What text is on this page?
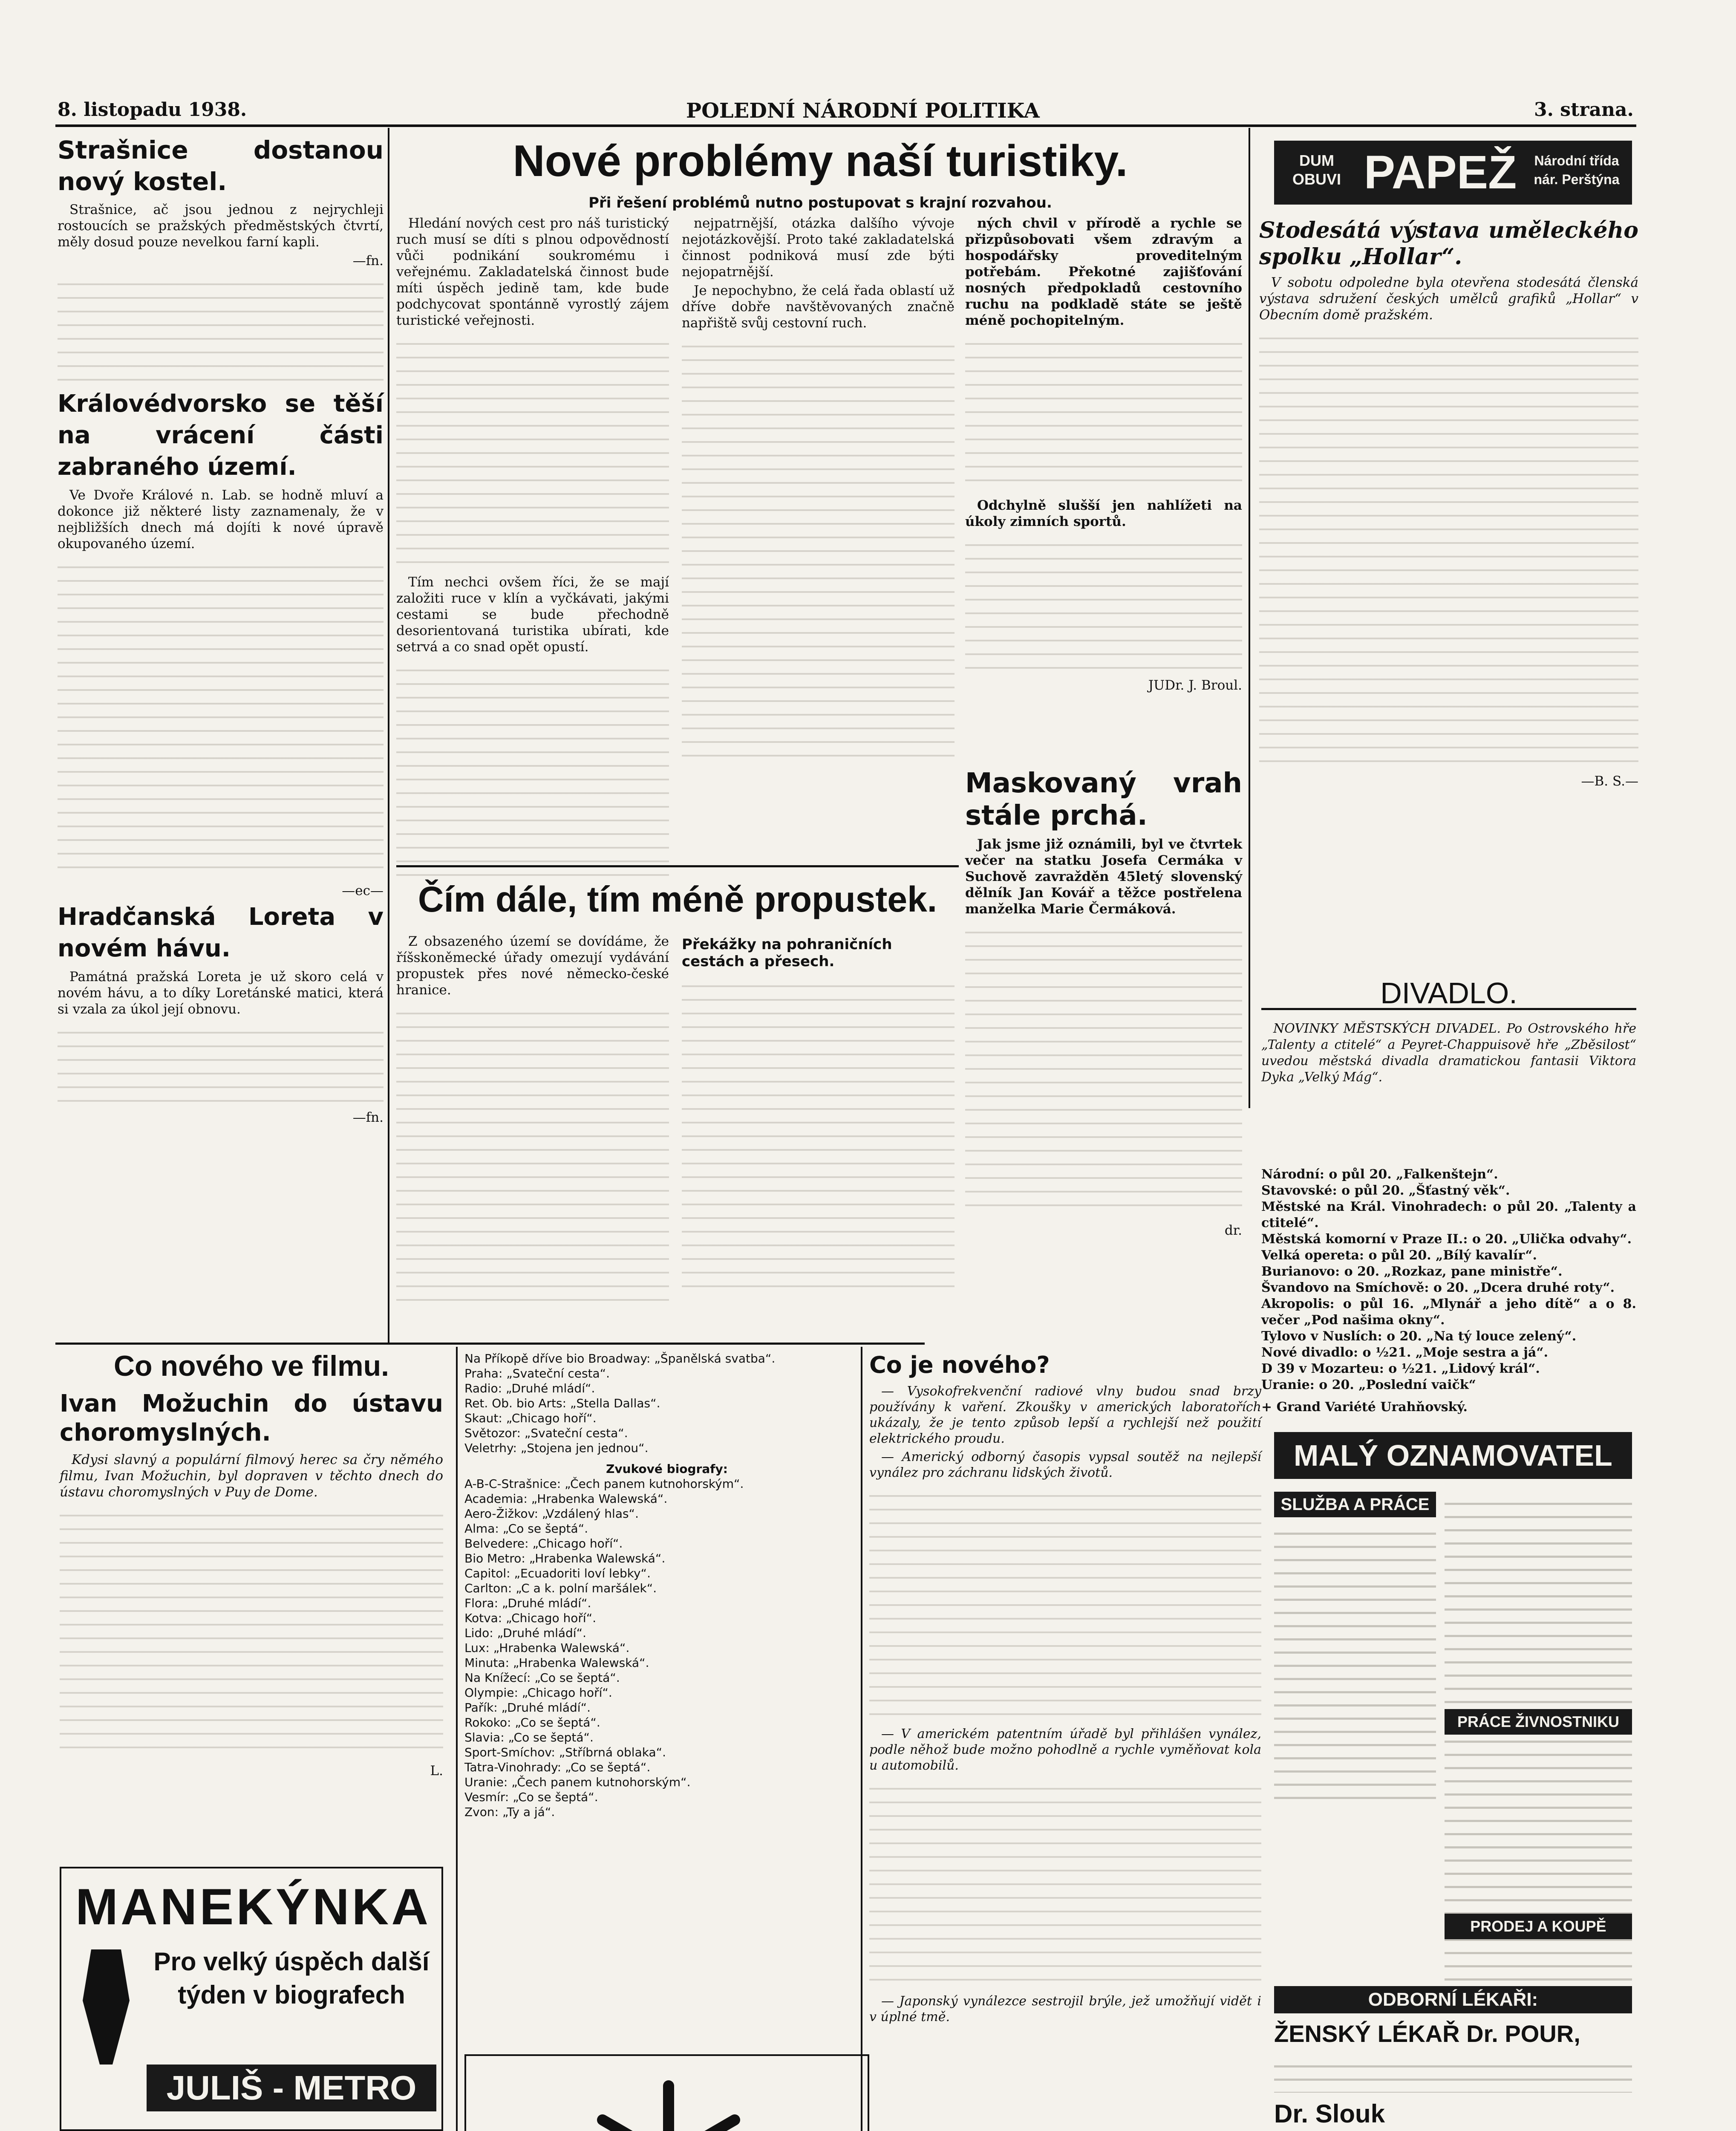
8. listopadu 1938.	POLEDNÍ NÁRODNÍ POLITIKA	3. strana.
Strašnice dostanou nový kostel.

Strašnice, ač jsou jednou z nejrychleji rostoucích se pražských předměstských čtvrtí, měly dosud pouze nevelkou farní kapli.

—fn.

Královédvorsko se těší na vrácení části zabraného území.

Ve Dvoře Králové n. Lab. se hodně mluví a dokonce již některé listy zaznamenaly, že v nejbližších dnech má dojíti k nové úpravě okupovaného území.

—ec—

Hradčanská Loreta v novém hávu.

Památná pražská Loreta je už skoro celá v novém hávu, a to díky Loretánské matici, která si vzala za úkol její obnovu.

—fn.

Nové problémy naší turistiky.
Při řešení problémů nutno postupovat s krajní rozvahou.

Hledání nových cest pro náš turistický ruch musí se díti s plnou odpovědností vůči podnikání soukromému i veřejnému. Zakladatelská činnost bude míti úspěch jedině tam, kde bude podchycovat spontánně vyrostlý zájem turistické veřejnosti.

Tím nechci ovšem říci, že se mají založiti ruce v klín a vyčkávati, jakými cestami se bude přechodně desorientovaná turistika ubírati, kde setrvá a co snad opět opustí.

nejpatrnější, otázka dalšího vývoje nejotázkovější. Proto také zakladatelská činnost podniková musí zde býti nejopatrnější.

Je nepochybno, že celá řada oblastí už dříve dobře navštěvovaných značně napřiště svůj cestovní ruch.

ných chvil v přírodě a rychle se přizpůsobovati všem zdravým a hospodářsky proveditelným potřebám. Překotné zajišťování nosných předpokladů cestovního ruchu na podkladě státe se ještě méně pochopitelným.

Odchylně slušší jen nahlížeti na úkoly zimních sportů.

JUDr. J. Broul.

Maskovaný vrah stále prchá.

Jak jsme již oznámili, byl ve čtvrtek večer na statku Josefa Cermáka v Suchově zavražděn 45letý slovenský dělník Jan Kovář a těžce postřelena manželka Marie Čermáková.

dr.

Čím dále, tím méně propustek.

Z obsazeného území se dovídáme, že říšskoněmecké úřady omezují vydávání propustek přes nové německo-české hranice.

Překážky na pohraničních cestách a přesech.
DUM OBUVI PAPEŽ	Národní třída nár. Perštýna
Stodesátá výstava uměleckého spolku „Hollar“.

V sobotu odpoledne byla otevřena stodesátá členská výstava sdružení českých umělců grafiků „Hollar“ v Obecním domě pražském.

—B. S.—

DIVADLO.

NOVINKY MĚSTSKÝCH DIVADEL. Po Ostrovského hře „Talenty a ctitelé“ a Peyret-Chappuisově hře „Zběsilost“ uvedou městská divadla dramatickou fantasii Viktora Dyka „Velký Mág“.

Národní: o půl 20. „Falkenštejn“.

Stavovské: o půl 20. „Šťastný věk“.

Městské na Král. Vinohradech: o půl 20. „Talenty a ctitelé“.

Městská komorní v Praze II.: o 20. „Ulička odvahy“.

Velká opereta: o půl 20. „Bílý kavalír“.

Burianovo: o 20. „Rozkaz, pane ministře“.

Švandovo na Smíchově: o 20. „Dcera druhé roty“.

Akropolis: o půl 16. „Mlynář a jeho dítě“ a o 8. večer „Pod našima okny“.

Tylovo v Nuslích: o 20. „Na tý louce zelený“.

Nové divadlo: o ½21. „Moje sestra a já“.

D 39 v Mozarteu: o ½21. „Lidový král“.

Uranie: o 20. „Poslední vaičk“

+ Grand Variété Urahňovský.

MALÝ OZNAMOVATEL
SLUŽBA A PRÁCE
PRÁCE ŽIVNOSTNIKU
PRODEJ A KOUPĚ
ODBORNÍ LÉKAŘI:
ŽENSKÝ LÉKAŘ Dr. POUR,
Dr. Slouk
Co nového ve filmu.
Ivan Možuchin do ústavu choromyslných.

Kdysi slavný a populární filmový herec sa čry němého filmu, Ivan Možuchin, byl dopraven v těchto dnech do ústavu choromyslných v Puy de Dome.

L.

MANEKÝNKA
Pro velký úspěch další týden v biografech
JULIŠ - METRO

Na Příkopě dříve bio Broadway: „Španělská svatba“.

Praha: „Svateční cesta“.

Radio: „Druhé mládí“.

Ret. Ob. bio Arts: „Stella Dallas“.

Skaut: „Chicago hoří“.

Světozor: „Svateční cesta“.

Veletrhy: „Stojena jen jednou“.

Zvukové biografy:

A-B-C-Strašnice: „Čech panem kutnohorským“.

Academia: „Hrabenka Walewská“.

Aero-Žižkov: „Vzdálený hlas“.

Alma: „Co se šeptá“.

Belvedere: „Chicago hoří“.

Bio Metro: „Hrabenka Walewská“.

Capitol: „Ecuadoriti loví lebky“.

Carlton: „C a k. polní maršálek“.

Flora: „Druhé mládí“.

Kotva: „Chicago hoří“.

Lido: „Druhé mládí“.

Lux: „Hrabenka Walewská“.

Minuta: „Hrabenka Walewská“.

Na Knížecí: „Co se šeptá“.

Olympie: „Chicago hoří“.

Pařík: „Druhé mládí“.

Rokoko: „Co se šeptá“.

Slavia: „Co se šeptá“.

Sport-Smíchov: „Stříbrná oblaka“.

Tatra-Vinohrady: „Co se šeptá“.

Uranie: „Čech panem kutnohorským“.

Vesmír: „Co se šeptá“.

Zvon: „Ty a já“.

Co je nového?

— Vysokofrekvenční radiové vlny budou snad brzy používány k vaření. Zkoušky v amerických laboratořích ukázaly, že je tento způsob lepší a rychlejší než použití elektrického proudu.

— Americký odborný časopis vypsal soutěž na nejlepší vynález pro záchranu lidských životů.

— V americkém patentním úřadě byl přihlášen vynález, podle něhož bude možno pohodlně a rychle vyměňovat kola u automobilů.

— Japonský vynálezce sestrojil brýle, jež umožňují vidět i v úplné tmě.
